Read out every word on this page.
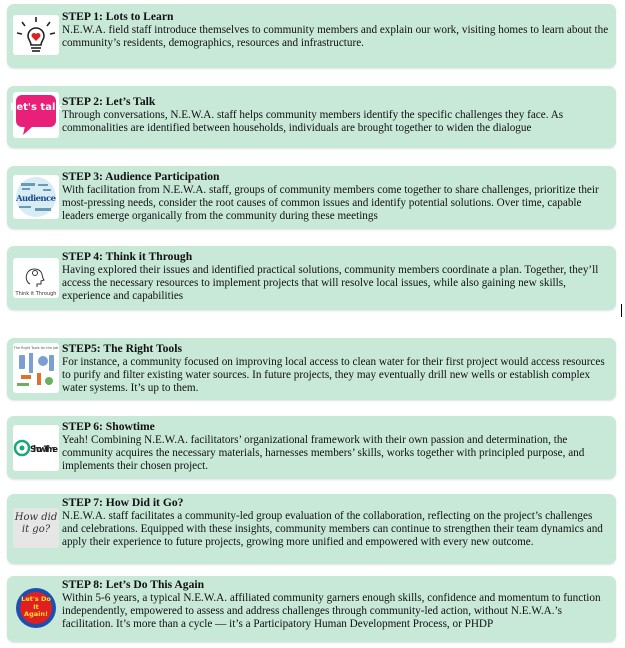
STEP 1: Lots to Learn
N.E.W.A. field staff introduce themselves to community members and explain our work, visiting homes to learn about the community’s residents, demographics, resources and infrastructure.
Let's talk STEP 2: Let’s Talk
Through conversations, N.E.W.A. staff helps community members identify the specific challenges they face. As commonalities are identified between households, individuals are brought together to widen the dialogue
Audience
STEP 3: Audience Participation
With facilitation from N.E.W.A. staff, groups of community members come together to share challenges, prioritize their most-pressing needs, consider the root causes of common issues and identify potential solutions. Over time, capable leaders emerge organically from the community during these meetings
Think it Through
STEP 4: Think it Through
Having explored their issues and identified practical solutions, community members coordinate a plan. Together, they’ll access the necessary resources to implement projects that will resolve local issues, while also gaining new skills, experience and capabilities
The Right Tools for the Job STEP5: The Right Tools
For instance, a community focused on improving local access to clean water for their first project would access resources to purify and filter existing water sources. In future projects, they may eventually drill new wells or establish complex water systems. It’s up to them.
ShowTime
STEP 6: Showtime
Yeah! Combining N.E.W.A. facilitators’ organizational framework with their own passion and determination, the community acquires the necessary materials, harnesses members’ skills, works together with principled purpose, and implements their chosen project.
How did it go?
STEP 7: How Did it Go?
N.E.W.A. staff facilitates a community-led group evaluation of the collaboration, reflecting on the project’s challenges and celebrations. Equipped with these insights, community members can continue to strengthen their team dynamics and apply their experience to future projects, growing more unified and empowered with every new outcome.
Let's Do It Again!
STEP 8: Let’s Do This Again
Within 5-6 years, a typical N.E.W.A. affiliated community garners enough skills, confidence and momentum to function independently, empowered to assess and address challenges through community-led action, without N.E.W.A.’s facilitation. It’s more than a cycle — it’s a Participatory Human Development Process, or PHDP
